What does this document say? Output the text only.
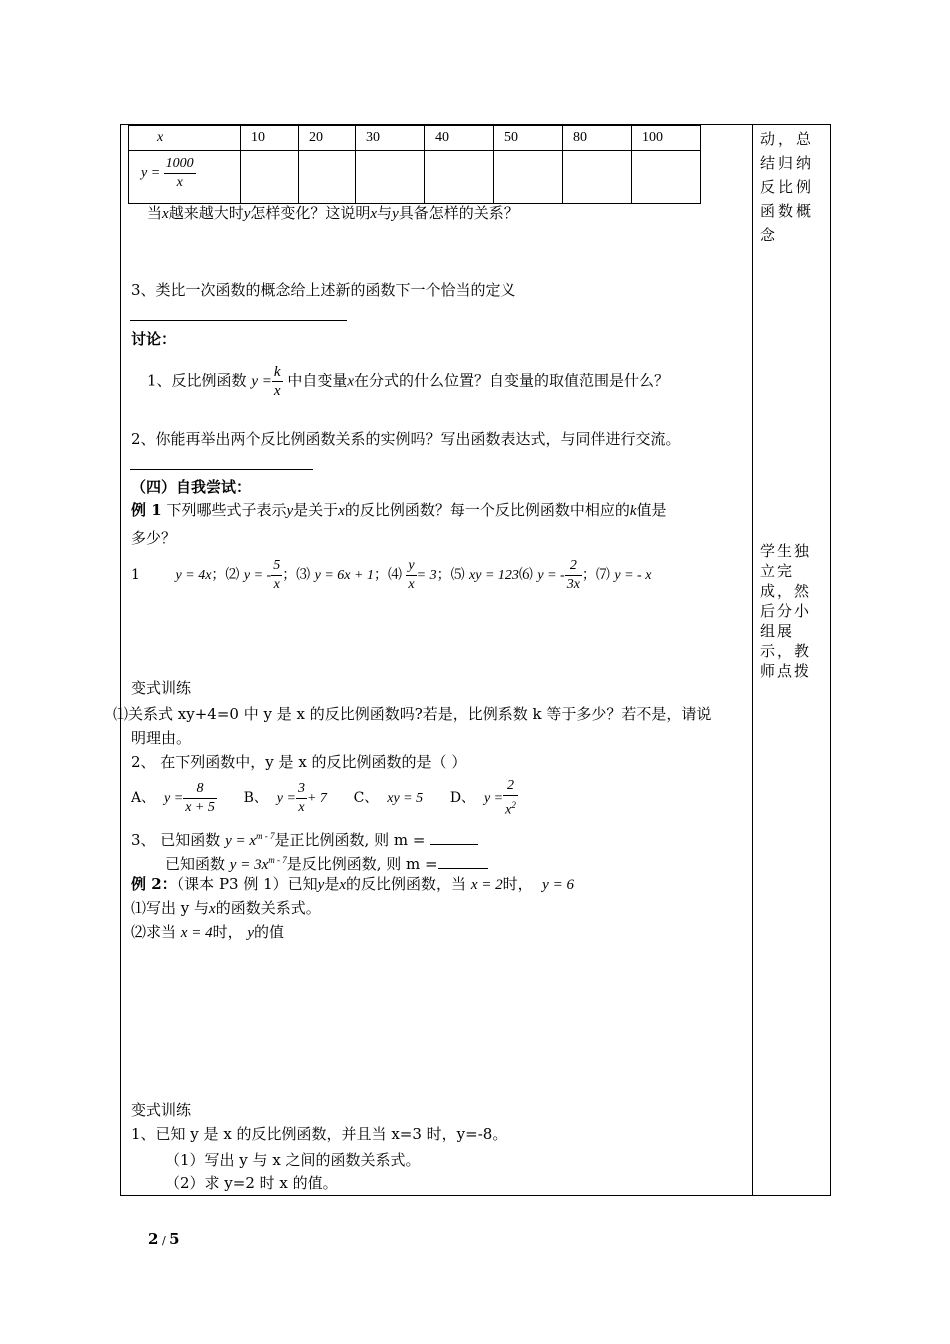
x	10	20	30	40	50	80	100
$y = \frac{1000}{x}$

当x越来越大时y怎样变化？这说明x与y具备怎样的关系？
3、类比一次函数的概念给上述新的函数下一个恰当的定义
讨论：
1、反比例函数 $y = \frac{k}{x}$ 中自变量x在分式的什么位置？自变量的取值范围是什么？
2、你能再举出两个反比例函数关系的实例吗？写出函数表达式，与同伴进行交流。
（四）自我尝试：
例 1 下列哪些式子表示y是关于x的反比例函数？每一个反比例函数中相应的k值是
多少？
1	y = 4x；⑵ y = - $\frac{5}{x}$ ；⑶ y = 6x + 1；⑷ $\frac{y}{x} = 3$；⑸ xy = 123⑹ y = - $\frac{2}{3x}$ ；⑺ y = - x
变式训练
⑴关系式 xy+4=0 中 y 是 x 的反比例函数吗?若是，比例系数 k 等于多少？若不是，请说
明理由。
2、 在下列函数中，y 是 x 的反比例函数的是（ ）
A、 $y = \frac{8}{x + 5}$ B、 $y = \frac{3}{x} + 7$ C、 xy = 5 D、 $y = \frac{2}{x^2}$
3、 已知函数 $y = x^{m - 7}$是正比例函数, 则 m =
已知函数 $y = 3x^{m - 7}$是反比例函数, 则 m =
例 2：（课本 P3 例 1）已知y是x的反比例函数，当 x = 2时， y = 6
⑴写出 y 与x的函数关系式。
⑵求当 x = 4时， y的值
变式训练
1、已知 y 是 x 的反比例函数，并且当 x=3 时，y=-8。
（1）写出 y 与 x 之间的函数关系式。
（2）求 y=2 时 x 的值。
动，总结归纳反比例函数概念
学生独立完成，然后分小组展示，教师点拨
2 / 5
